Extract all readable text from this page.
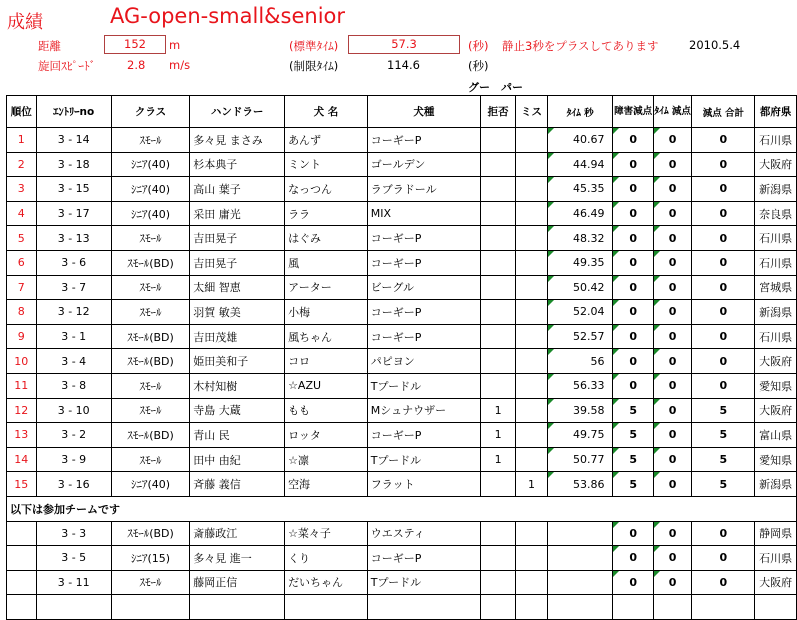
成績	AG-open-small&senior
距離	152	m
旋回ｽﾋﾟｰﾄﾞ	2.8 m/s
(標準ﾀｲﾑ)	57.3	(秒) 静止3秒をプラスしてあります	2010.5.4
(制限ﾀｲﾑ)	114.6	(秒)
グー　パー
順位	ｴﾝﾄﾘｰno	クラス	ハンドラー	犬 名	犬種	拒否	ミス	ﾀｲﾑ 秒	障害減点	ﾀｲﾑ 減点	減点 合計	都府県
1	3 - 14	ｽﾓｰﾙ	多々見 まさみ	あんず	コーギーP			40.67	0	0	0	石川県
2	3 - 18	ｼﾆｱ(40)	杉本典子	ミント	ゴールデン			44.94	0	0	0	大阪府
3	3 - 15	ｼﾆｱ(40)	高山 葉子	なっつん	ラブラドール			45.35	0	0	0	新潟県
4	3 - 17	ｼﾆｱ(40)	采田 庸光	ララ	MIX			46.49	0	0	0	奈良県
5	3 - 13	ｽﾓｰﾙ	吉田晃子	はぐみ	コーギーP			48.32	0	0	0	石川県
6	3 - 6	ｽﾓｰﾙ(BD)	吉田晃子	風	コーギーP			49.35	0	0	0	石川県
7	3 - 7	ｽﾓｰﾙ	太細 智恵	アーター	ビーグル			50.42	0	0	0	宮城県
8	3 - 12	ｽﾓｰﾙ	羽賀 敏美	小梅	コーギーP			52.04	0	0	0	新潟県
9	3 - 1	ｽﾓｰﾙ(BD)	吉田茂雄	風ちゃん	コーギーP			52.57	0	0	0	石川県
10	3 - 4	ｽﾓｰﾙ(BD)	姫田美和子	コロ	パピヨン			56	0	0	0	大阪府
11	3 - 8	ｽﾓｰﾙ	木村知樹	☆AZU	Tプードル			56.33	0	0	0	愛知県
12	3 - 10	ｽﾓｰﾙ	寺島 大蔵	もも	Mシュナウザー	1		39.58	5	0	5	大阪府
13	3 - 2	ｽﾓｰﾙ(BD)	青山 民	ロッタ	コーギーP	1		49.75	5	0	5	富山県
14	3 - 9	ｽﾓｰﾙ	田中 由紀	☆凛	Tプードル	1		50.77	5	0	5	愛知県
15	3 - 16	ｼﾆｱ(40)	斉藤 義信	空海	フラット		1	53.86	5	0	5	新潟県
以下は参加チームです												
	3 - 3	ｽﾓｰﾙ(BD)	斎藤政江	☆菜々子	ウエスティ				0	0	0	静岡県
	3 - 5	ｼﾆｱ(15)	多々見 進一	くり	コーギーP				0	0	0	石川県
	3 - 11	ｽﾓｰﾙ	藤岡正信	だいちゃん	Tプードル				0	0	0	大阪府
